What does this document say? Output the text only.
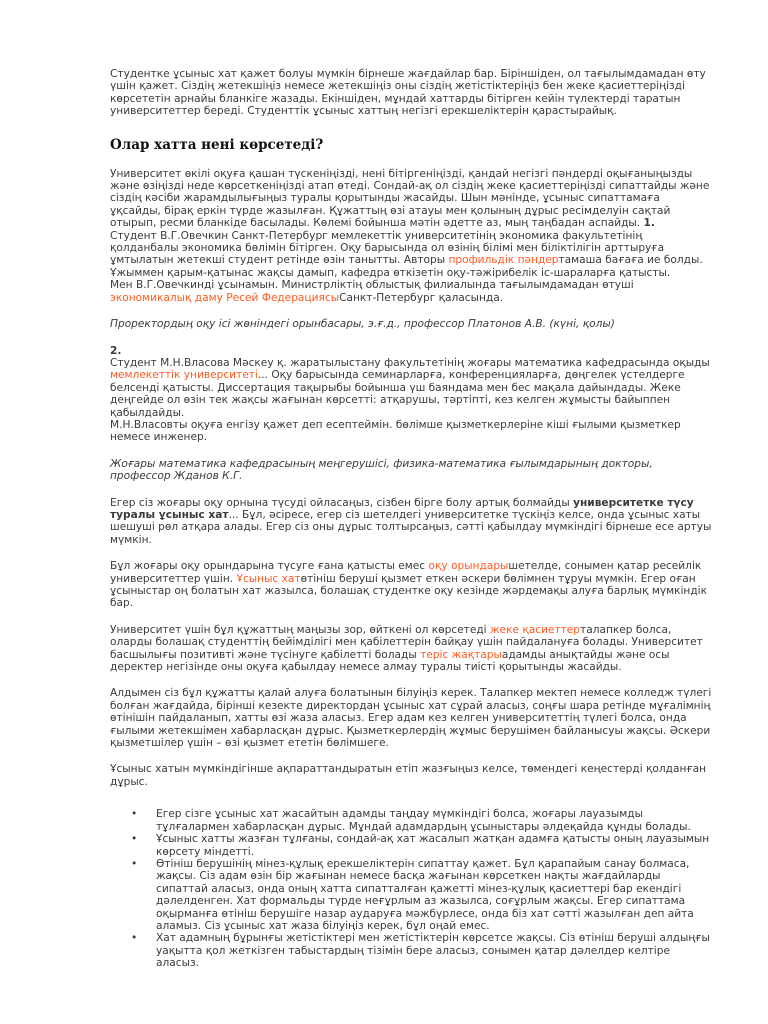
Студентке ұсыныс хат қажет болуы мүмкін бірнеше жағдайлар бар. Біріншіден, ол тағылымдамадан өту үшін қажет. Сіздің жетекшіңіз немесе жетекшіңіз оны сіздің жетістіктеріңіз бен жеке қасиеттеріңізді көрсететін арнайы бланкіге жазады. Екіншіден, мұндай хаттарды бітірген кейін түлектерді таратын университеттер береді. Студенттік ұсыныс хаттың негізгі ерекшеліктерін қарастырайық.

Олар хатта нені көрсетеді?

Университет өкілі оқуға қашан түскеніңізді, нені бітіргеніңізді, қандай негізгі пәндерді оқығаныңызды және өзіңізді неде көрсеткеніңізді атап өтеді. Сондай-ақ ол сіздің жеке қасиеттеріңізді сипаттайды және сіздің кәсіби жарамдылығыңыз туралы қорытынды жасайды. Шын мәнінде, ұсыныс сипаттамаға ұқсайды, бірақ еркін түрде жазылған. Құжаттың өзі атауы мен қолының дұрыс ресімделуін сақтай отырып, ресми бланкіде басылады. Көлемі бойынша мәтін әдетте аз, мың таңбадан аспайды. 1.
Студент В.Г.Овечкин Санкт-Петербург мемлекеттік университетінің экономика факультетінің қолданбалы экономика бөлімін бітірген. Оқу барысында ол өзінің білімі мен біліктілігін арттыруға ұмтылатын жетекші студент ретінде өзін танытты. Авторы профильдік пәндертамаша бағаға ие болды. Ұжыммен қарым-қатынас жақсы дамып, кафедра өткізетін оқу-тәжірибелік іс-шараларға қатысты.

Мен В.Г.Овечкинді ұсынамын. Министрліктің облыстық филиалында тағылымдамадан өтуші экономикалық даму Ресей ФедерациясыСанкт-Петербург қаласында.

Проректордың оқу ісі жөніндегі орынбасары, э.ғ.д., профессор Платонов А.В. (күні, қолы)

2.
Студент М.Н.Власова Мәскеу қ. жаратылыстану факультетінің жоғары математика кафедрасында оқыды мемлекеттік университеті... Оқу барысында семинарларға, конференцияларға, дөңгелек үстелдерге белсенді қатысты. Диссертация тақырыбы бойынша үш баяндама мен бес мақала дайындады. Жеке деңгейде ол өзін тек жақсы жағынан көрсетті: атқарушы, тәртіпті, кез келген жұмысты байыппен қабылдайды.
М.Н.Власовты оқуға енгізу қажет деп есептеймін. бөлімше қызметкерлеріне кіші ғылыми қызметкер немесе инженер.

Жоғары математика кафедрасының меңгерушісі, физика-математика ғылымдарының докторы, профессор Жданов К.Г.

Егер сіз жоғары оқу орнына түсуді ойласаңыз, сізбен бірге болу артық болмайды университетке түсу туралы ұсыныс хат... Бұл, әсіресе, егер сіз шетелдегі университетке түскіңіз келсе, онда ұсыныс хаты шешуші рөл атқара алады. Егер сіз оны дұрыс толтырсаңыз, сәтті қабылдау мүмкіндігі бірнеше есе артуы мүмкін.

Бұл жоғары оқу орындарына түсуге ғана қатысты емес оқу орындарышетелде, сонымен қатар ресейлік университеттер үшін. Ұсыныс хатөтініш беруші қызмет еткен әскери бөлімнен тұруы мүмкін. Егер оған ұсыныстар оң болатын хат жазылса, болашақ студентке оқу кезінде жәрдемақы алуға барлық мүмкіндік бар.

Университет үшін бұл құжаттың маңызы зор, өйткені ол көрсетеді жеке қасиеттерталапкер болса, оларды болашақ студенттің бейімділігі мен қабілеттерін байқау үшін пайдалануға болады. Университет басшылығы позитивті және түсінуге қабілетті болады теріс жақтарыадамды анықтайды және осы деректер негізінде оны оқуға қабылдау немесе алмау туралы тиісті қорытынды жасайды.

Алдымен сіз бұл құжатты қалай алуға болатынын білуіңіз керек. Талапкер мектеп немесе колледж түлегі болған жағдайда, бірінші кезекте директордан ұсыныс хат сұрай аласыз, соңғы шара ретінде мұғалімнің өтінішін пайдаланып, хатты өзі жаза аласыз. Егер адам кез келген университеттің түлегі болса, онда ғылыми жетекшімен хабарласқан дұрыс. Қызметкерлердің жұмыс берушімен байланысуы жақсы. Әскери қызметшілер үшін – өзі қызмет ететін бөлімшеге.

Ұсыныс хатын мүмкіндігінше ақпараттандыратын етіп жазғыңыз келсе, төмендегі кеңестерді қолданған дұрыс.

• Егер сізге ұсыныс хат жасайтын адамды таңдау мүмкіндігі болса, жоғары лауазымды тұлғалармен хабарласқан дұрыс. Мұндай адамдардың ұсыныстары әлдеқайда құнды болады.
• Ұсыныс хатты жазған тұлғаны, сондай-ақ хат жасалып жатқан адамға қатысты оның лауазымын көрсету міндетті.
• Өтініш берушінің мінез-құлық ерекшеліктерін сипаттау қажет. Бұл қарапайым санау болмаса, жақсы. Сіз адам өзін бір жағынан немесе басқа жағынан көрсеткен нақты жағдайларды сипаттай аласыз, онда оның хатта сипатталған қажетті мінез-құлық қасиеттері бар екендігі дәлелденген. Хат формальды түрде неғұрлым аз жазылса, соғұрлым жақсы. Егер сипаттама оқырманға өтініш берушіге назар аударуға мәжбүрлесе, онда біз хат сәтті жазылған деп айта аламыз. Сіз ұсыныс хат жаза білуіңіз керек, бұл оңай емес.
• Хат адамның бұрынғы жетістіктері мен жетістіктерін көрсетсе жақсы. Сіз өтініш беруші алдыңғы уақытта қол жеткізген табыстардың тізімін бере аласыз, сонымен қатар дәлелдер келтіре аласыз.
